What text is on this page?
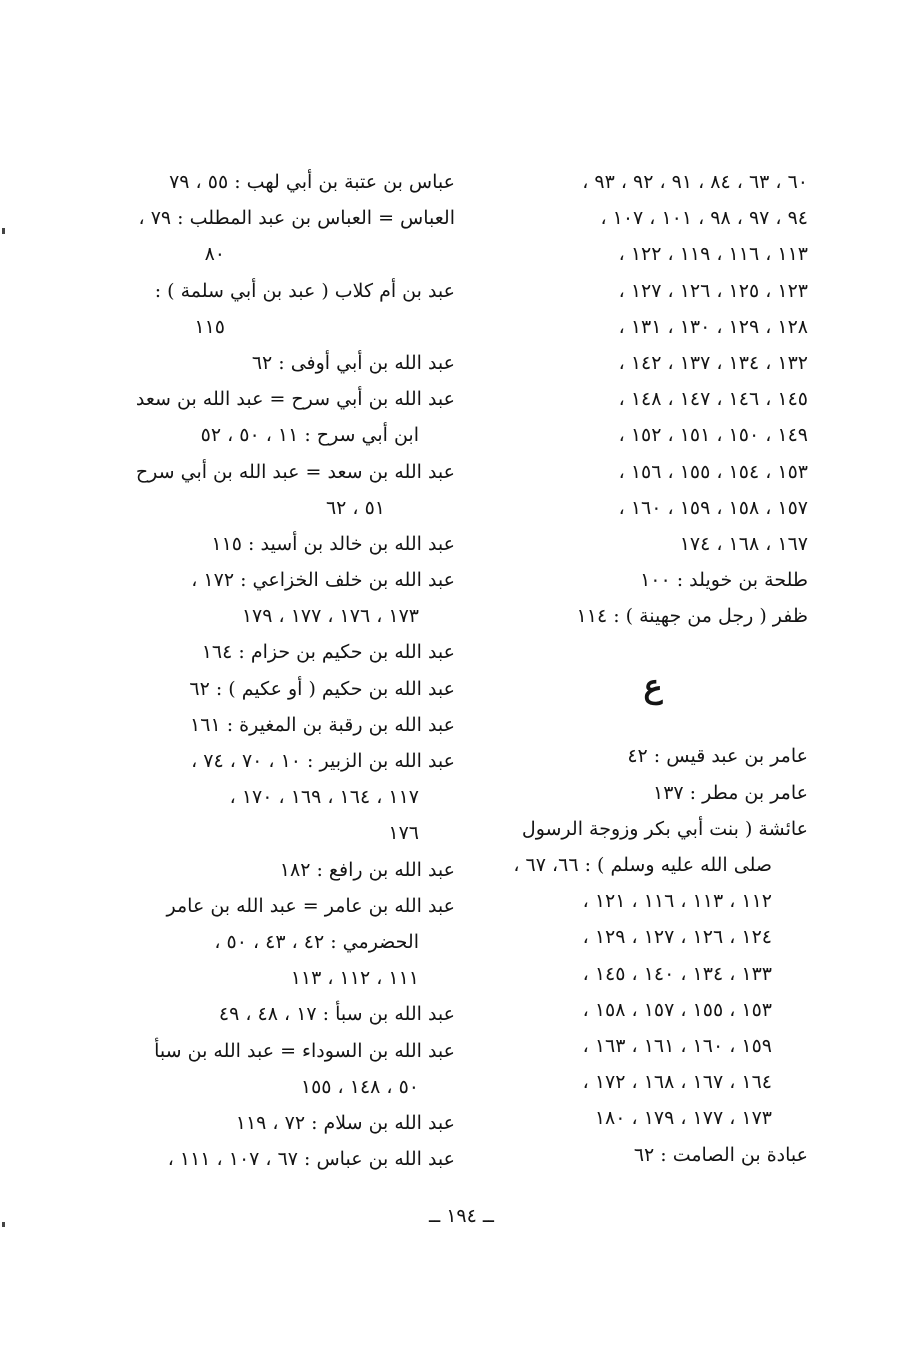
٦٠ ، ٦٣ ، ٨٤ ، ٩١ ، ٩٢ ، ٩٣ ،
٩٤ ، ٩٧ ، ٩٨ ، ١٠١ ، ١٠٧ ،
١١٣ ، ١١٦ ، ١١٩ ، ١٢٢ ،
١٢٣ ، ١٢٥ ، ١٢٦ ، ١٢٧ ،
١٢٨ ، ١٢٩ ، ١٣٠ ، ١٣١ ،
١٣٢ ، ١٣٤ ، ١٣٧ ، ١٤٢ ،
١٤٥ ، ١٤٦ ، ١٤٧ ، ١٤٨ ،
١٤٩ ، ١٥٠ ، ١٥١ ، ١٥٢ ،
١٥٣ ، ١٥٤ ، ١٥٥ ، ١٥٦ ،
١٥٧ ، ١٥٨ ، ١٥٩ ، ١٦٠ ،
١٦٧ ، ١٦٨ ، ١٧٤
طلحة بن خويلد : ١٠٠
ظفر ( رجل من جهينة ) : ١١٤
ع
عامر بن عبد قيس : ٤٢
عامر بن مطر : ١٣٧
عائشة ( بنت أبي بكر وزوجة الرسول
صلى الله عليه وسلم ) : ٦٦، ٦٧ ،
١١٢ ، ١١٣ ، ١١٦ ، ١٢١ ،
١٢٤ ، ١٢٦ ، ١٢٧ ، ١٢٩ ،
١٣٣ ، ١٣٤ ، ١٤٠ ، ١٤٥ ،
١٥٣ ، ١٥٥ ، ١٥٧ ، ١٥٨ ،
١٥٩ ، ١٦٠ ، ١٦١ ، ١٦٣ ،
١٦٤ ، ١٦٧ ، ١٦٨ ، ١٧٢ ،
١٧٣ ، ١٧٧ ، ١٧٩ ، ١٨٠
عبادة بن الصامت : ٦٢
عباس بن عتبة بن أبي لهب : ٥٥ ، ٧٩
العباس = العباس بن عبد المطلب : ٧٩ ،
٨٠
عبد بن أم كلاب ( عبد بن أبي سلمة ) :
١١٥
عبد الله بن أبي أوفى : ٦٢
عبد الله بن أبي سرح = عبد الله بن سعد
ابن أبي سرح : ١١ ، ٥٠ ، ٥٢
عبد الله بن سعد = عبد الله بن أبي سرح
٥١ ، ٦٢
عبد الله بن خالد بن أسيد : ١١٥
عبد الله بن خلف الخزاعي : ١٧٢ ،
١٧٣ ، ١٧٦ ، ١٧٧ ، ١٧٩
عبد الله بن حكيم بن حزام : ١٦٤
عبد الله بن حكيم ( أو عكيم ) : ٦٢
عبد الله بن رقبة بن المغيرة : ١٦١
عبد الله بن الزبير : ١٠ ، ٧٠ ، ٧٤ ،
١١٧ ، ١٦٤ ، ١٦٩ ، ١٧٠ ،
١٧٦
عبد الله بن رافع : ١٨٢
عبد الله بن عامر = عبد الله بن عامر
الحضرمي : ٤٢ ، ٤٣ ، ٥٠ ،
١١١ ، ١١٢ ، ١١٣
عبد الله بن سبأ : ١٧ ، ٤٨ ، ٤٩
عبد الله بن السوداء = عبد الله بن سبأ
٥٠ ، ١٤٨ ، ١٥٥
عبد الله بن سلام : ٧٢ ، ١١٩
عبد الله بن عباس : ٦٧ ، ١٠٧ ، ١١١ ،
ــ ١٩٤ ــ
